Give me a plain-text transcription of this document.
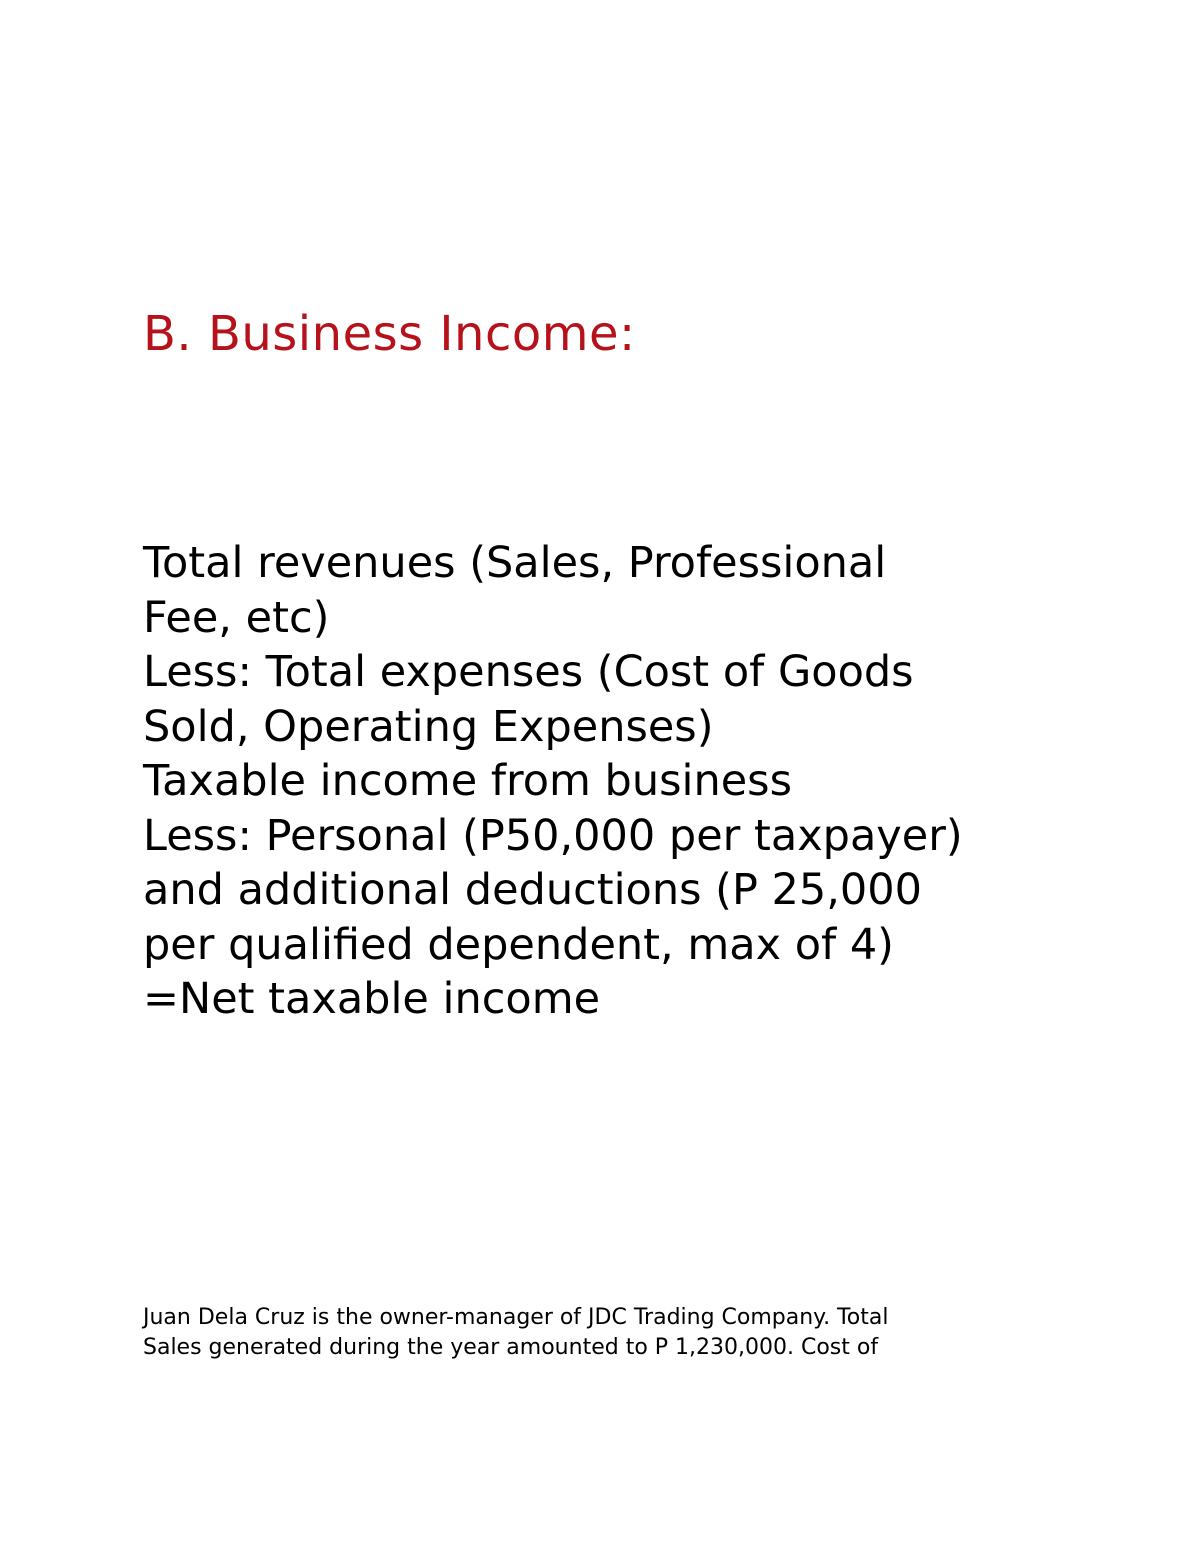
B. Business Income:
Total revenues (Sales, Professional
Fee, etc)
Less: Total expenses (Cost of Goods
Sold, Operating Expenses)
Taxable income from business
Less: Personal (P50,000 per taxpayer)
and additional deductions (P 25,000
per qualified dependent, max of 4)
=Net taxable income
Juan Dela Cruz is the owner-manager of JDC Trading Company. Total
Sales generated during the year amounted to P 1,230,000. Cost of
